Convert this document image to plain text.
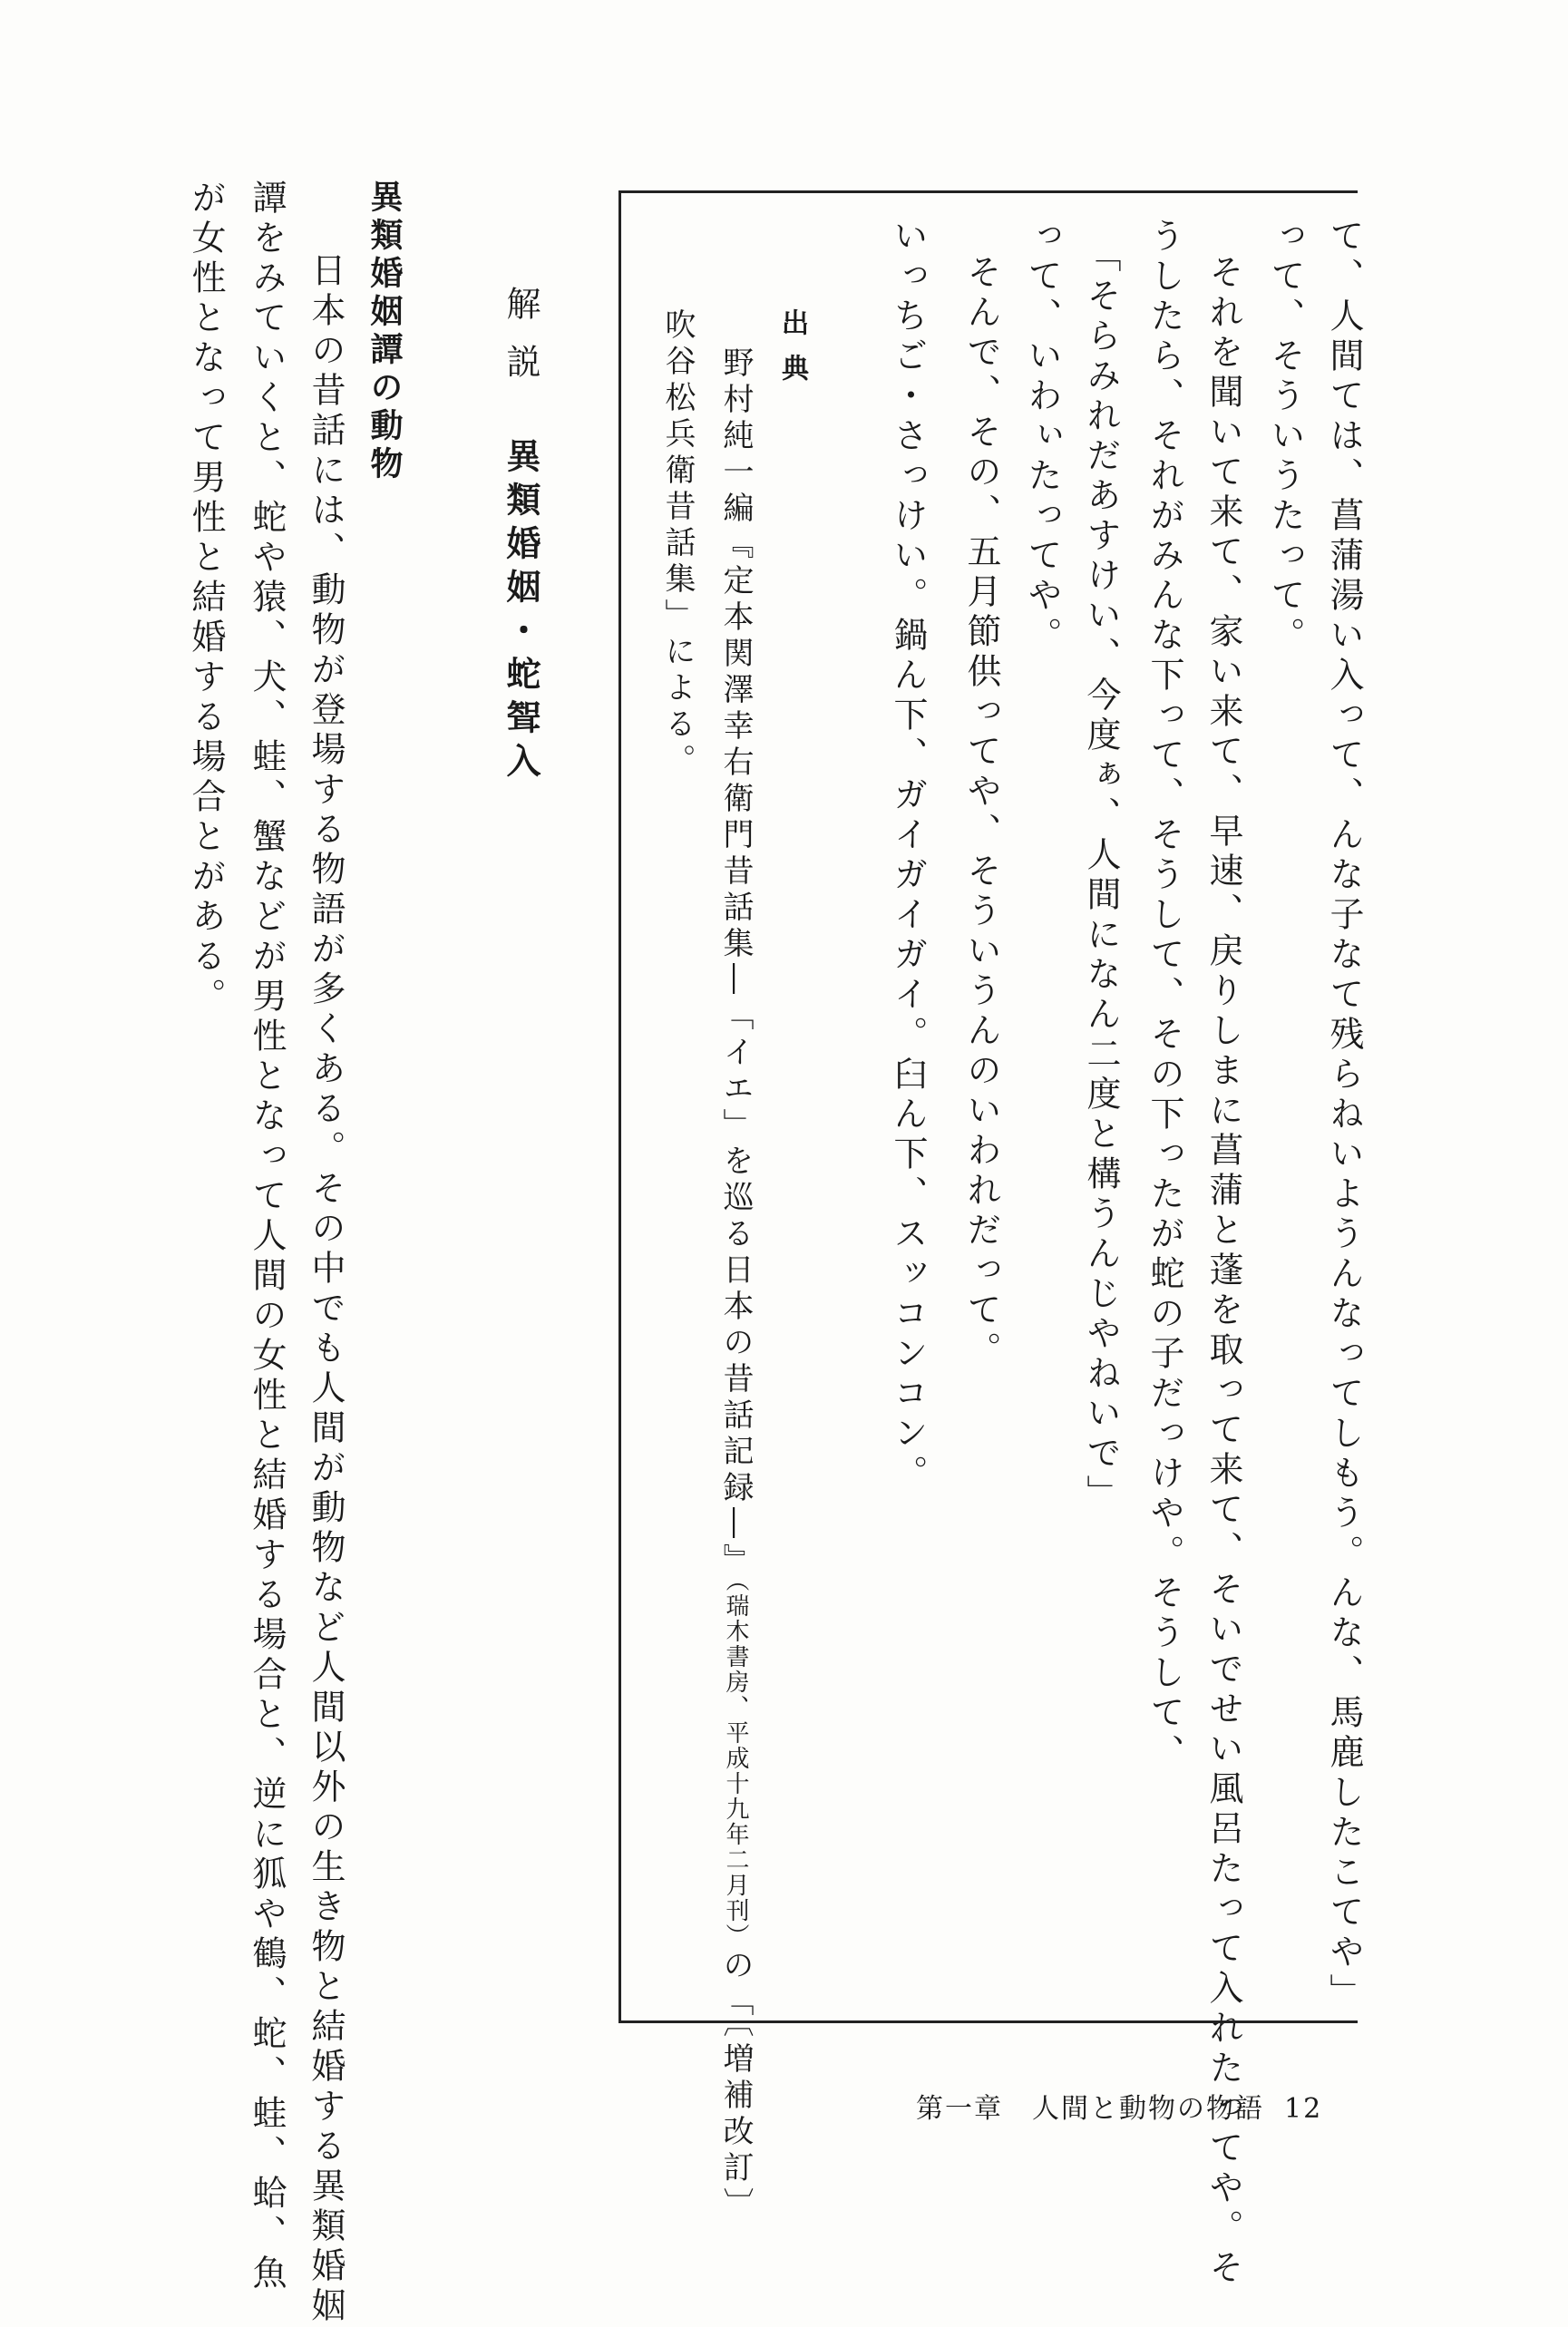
て、人間ては、菖蒲湯い入って、んな子なて残らねいようんなってしもう。んな、馬鹿したこてや」
って、そういうたって。
それを聞いて来て、家い来て、早速、戻りしまに菖蒲と蓬を取って来て、そいでせい風呂たって入れたってや。そ
うしたら、それがみんな下って、そうして、その下ったが蛇の子だっけや。そうして、
「そらみれだあすけい、今度ぁ、人間になん二度と構うんじやねいで」
って、いわぃたってや。
そんで、その、五月節供ってや、そういうんのいわれだって。
いっちご・さっけい。鍋ん下、ガイガイガイ。臼ん下、スッコンコン。
出典
野村純一編『定本関澤幸右衛門昔話集―「イエ」を巡る日本の昔話記録―』（瑞木書房、平成十九年二月刊）の「〔増補改訂〕
吹谷松兵衛昔話集」による。
解説異類婚姻・蛇聟入
異類婚姻譚の動物
日本の昔話には、動物が登場する物語が多くある。その中でも人間が動物など人間以外の生き物と結婚する異類婚姻
譚をみていくと、蛇や猿、犬、蛙、蟹などが男性となって人間の女性と結婚する場合と、逆に狐や鶴、蛇、蛙、蛤、魚
が女性となって男性と結婚する場合とがある。
第一章　人間と動物の物語 12
